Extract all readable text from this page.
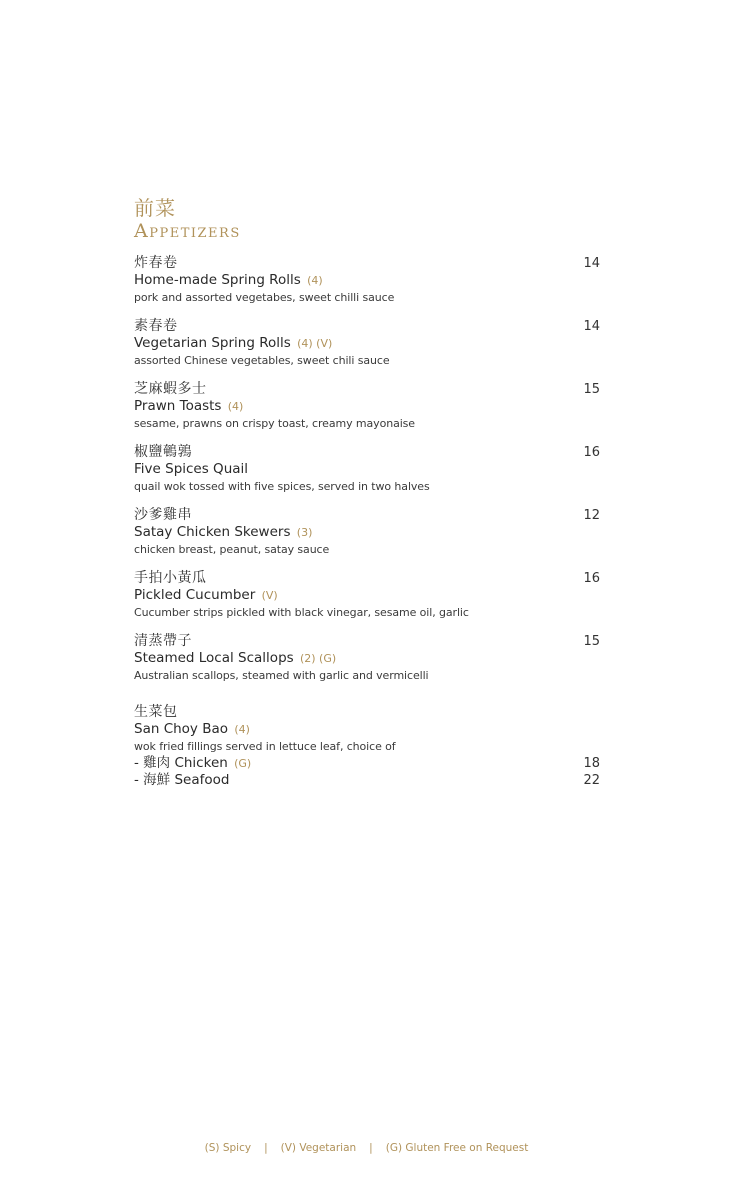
前菜
Appetizers
炸春卷
Home-made Spring Rolls (4)
pork and assorted vegetabes, sweet chilli sauce
14
素春卷
Vegetarian Spring Rolls (4) (V)
assorted Chinese vegetables, sweet chili sauce
14
芝麻蝦多士
Prawn Toasts (4)
sesame, prawns on crispy toast, creamy mayonaise
15
椒鹽鵪鶉
Five Spices Quail
quail wok tossed with five spices, served in two halves
16
沙爹雞串
Satay Chicken Skewers (3)
chicken breast, peanut, satay sauce
12
手拍小黃瓜
Pickled Cucumber (V)
Cucumber strips pickled with black vinegar, sesame oil, garlic
16
清蒸帶子
Steamed Local Scallops (2) (G)
Australian scallops, steamed with garlic and vermicelli
15
生菜包
San Choy Bao (4)
wok fried fillings served in lettuce leaf, choice of
- 雞肉 Chicken (G)	18
- 海鮮 Seafood	22
(S) Spicy | (V) Vegetarian | (G) Gluten Free on Request
